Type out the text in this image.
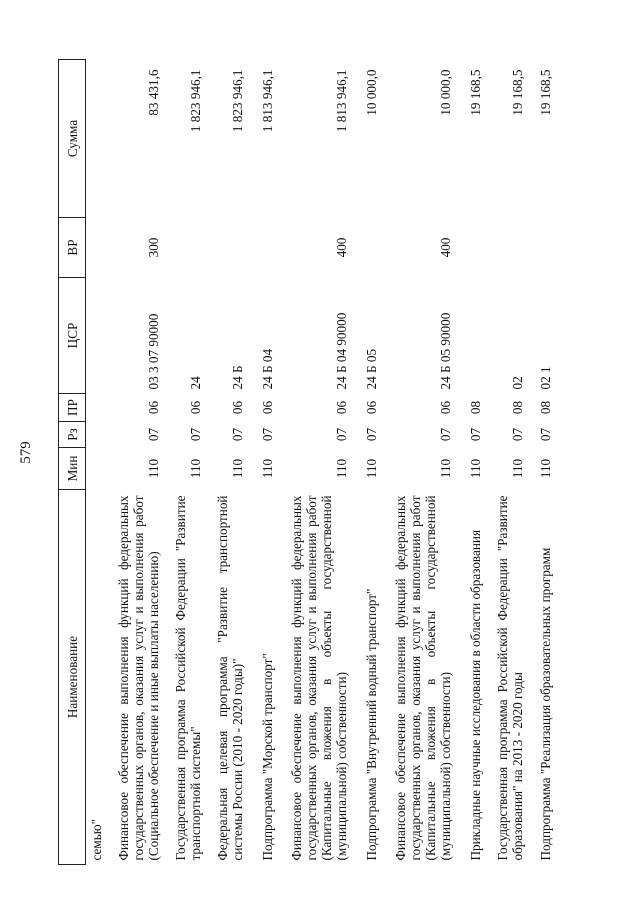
579
Наименование	Мин	Рз	ПР	ЦСР	ВР	Сумма
семью"						
Финансовое обеспечение выполнения функций федеральных государственных органов, оказания услуг и выполнения работ (Социальное обеспечение и иные выплаты населению)	110	07	06	03 3 07 90000	300	83 431,6
Государственная программа Российской Федерации "Развитие транспортной системы"	110	07	06	24		1 823 946,1
Федеральная целевая программа "Развитие транспортной системы России (2010 - 2020 годы)"	110	07	06	24 Б		1 823 946,1
Подпрограмма "Морской транспорт"	110	07	06	24 Б 04		1 813 946,1
Финансовое обеспечение выполнения функций федеральных государственных органов, оказания услуг и выполнения работ (Капитальные вложения в объекты государственной (муниципальной) собственности)	110	07	06	24 Б 04 90000	400	1 813 946,1
Подпрограмма "Внутренний водный транспорт"	110	07	06	24 Б 05		10 000,0
Финансовое обеспечение выполнения функций федеральных государственных органов, оказания услуг и выполнения работ (Капитальные вложения в объекты государственной (муниципальной) собственности)	110	07	06	24 Б 05 90000	400	10 000,0
Прикладные научные исследования в области образования	110	07	08			19 168,5
Государственная программа Российской Федерации "Развитие образования" на 2013 - 2020 годы	110	07	08	02		19 168,5
Подпрограмма "Реализация образовательных программ	110	07	08	02 1		19 168,5
